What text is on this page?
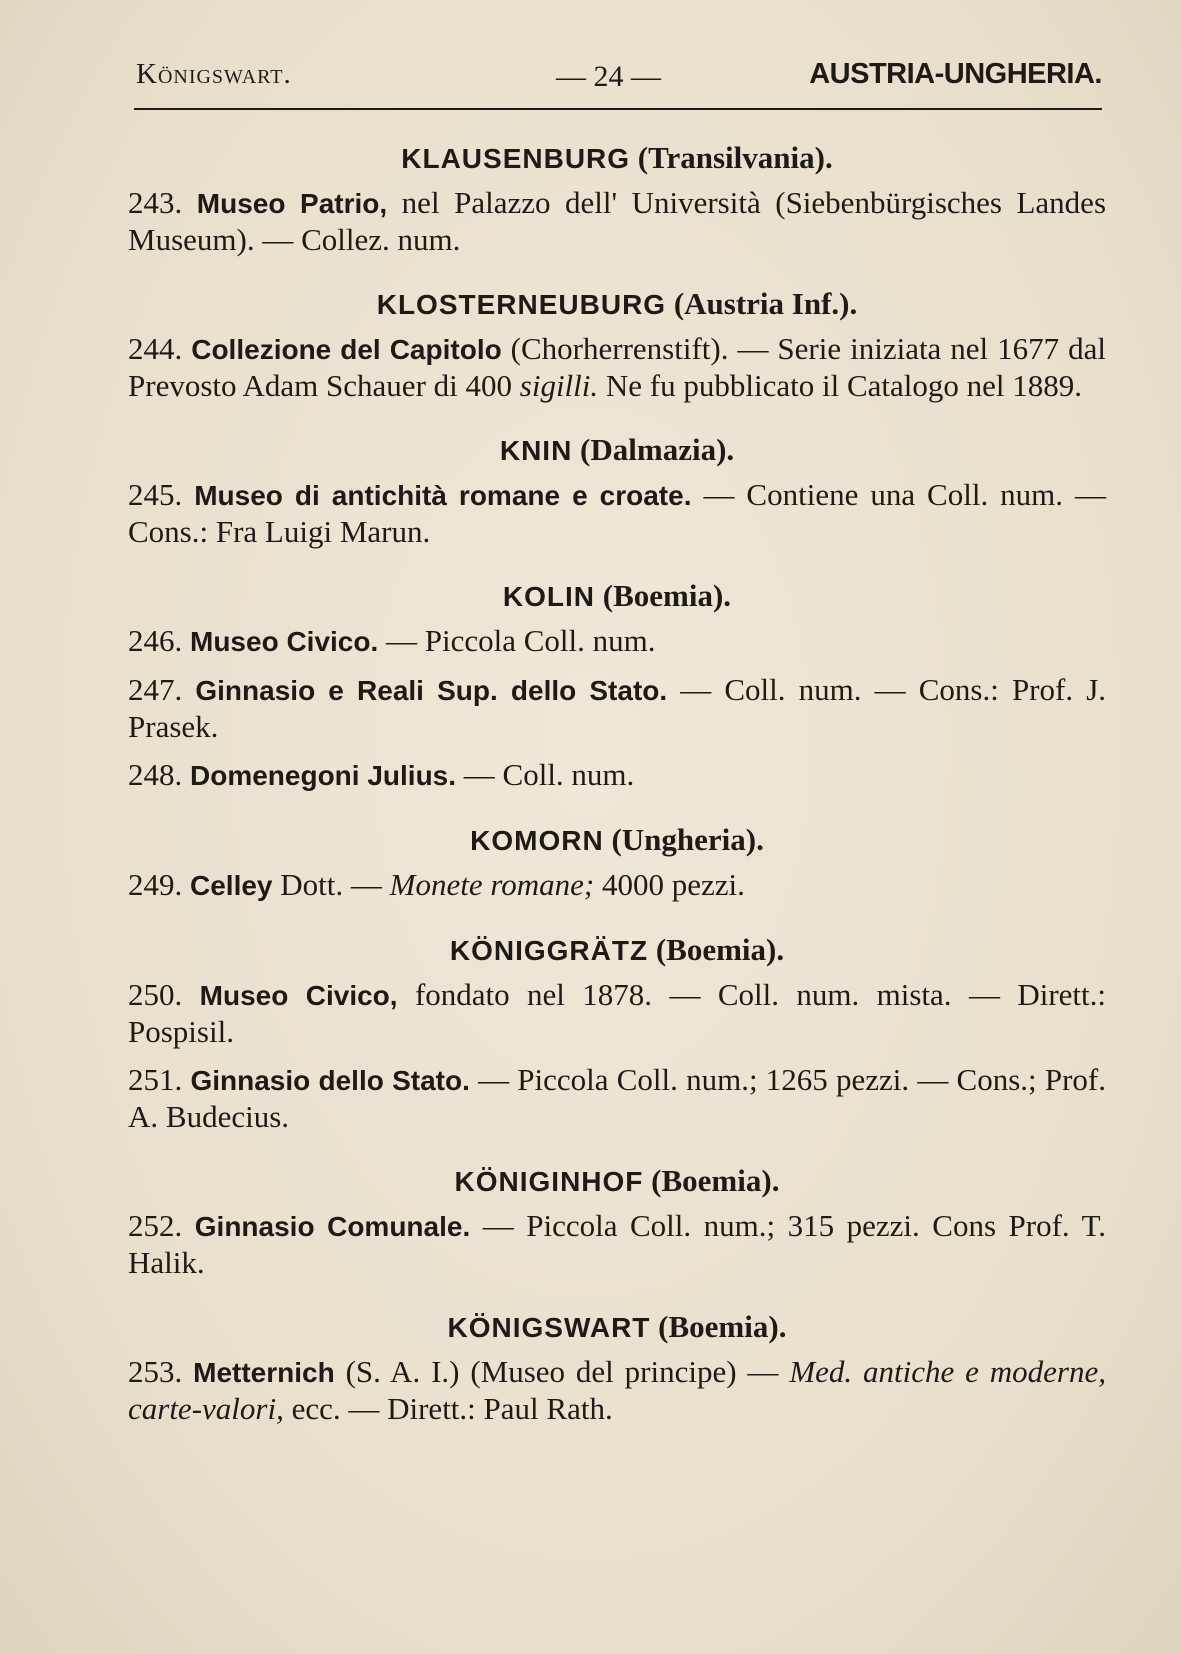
Königswart.	— 24 —	AUSTRIA-UNGHERIA.
KLAUSENBURG (Transilvania).

243. Museo Patrio, nel Palazzo dell' Università (Siebenbürgisches Landes Museum). — Collez. num.

KLOSTERNEUBURG (Austria Inf.).

244. Collezione del Capitolo (Chorherrenstift). — Serie iniziata nel 1677 dal Prevosto Adam Schauer di 400 sigilli. Ne fu pubblicato il Catalogo nel 1889.

KNIN (Dalmazia).

245. Museo di antichità romane e croate. — Contiene una Coll. num. — Cons.: Fra Luigi Marun.

KOLIN (Boemia).

246. Museo Civico. — Piccola Coll. num.

247. Ginnasio e Reali Sup. dello Stato. — Coll. num. — Cons.: Prof. J. Prasek.

248. Domenegoni Julius. — Coll. num.

KOMORN (Ungheria).

249. Celley Dott. — Monete romane; 4000 pezzi.

KÖNIGGRÄTZ (Boemia).

250. Museo Civico, fondato nel 1878. — Coll. num. mista. — Dirett.: Pospisil.

251. Ginnasio dello Stato. — Piccola Coll. num.; 1265 pezzi. — Cons.; Prof. A. Budecius.

KÖNIGINHOF (Boemia).

252. Ginnasio Comunale. — Piccola Coll. num.; 315 pezzi. Cons Prof. T. Halik.

KÖNIGSWART (Boemia).

253. Metternich (S. A. I.) (Museo del principe) — Med. antiche e moderne, carte-valori, ecc. — Dirett.: Paul Rath.
